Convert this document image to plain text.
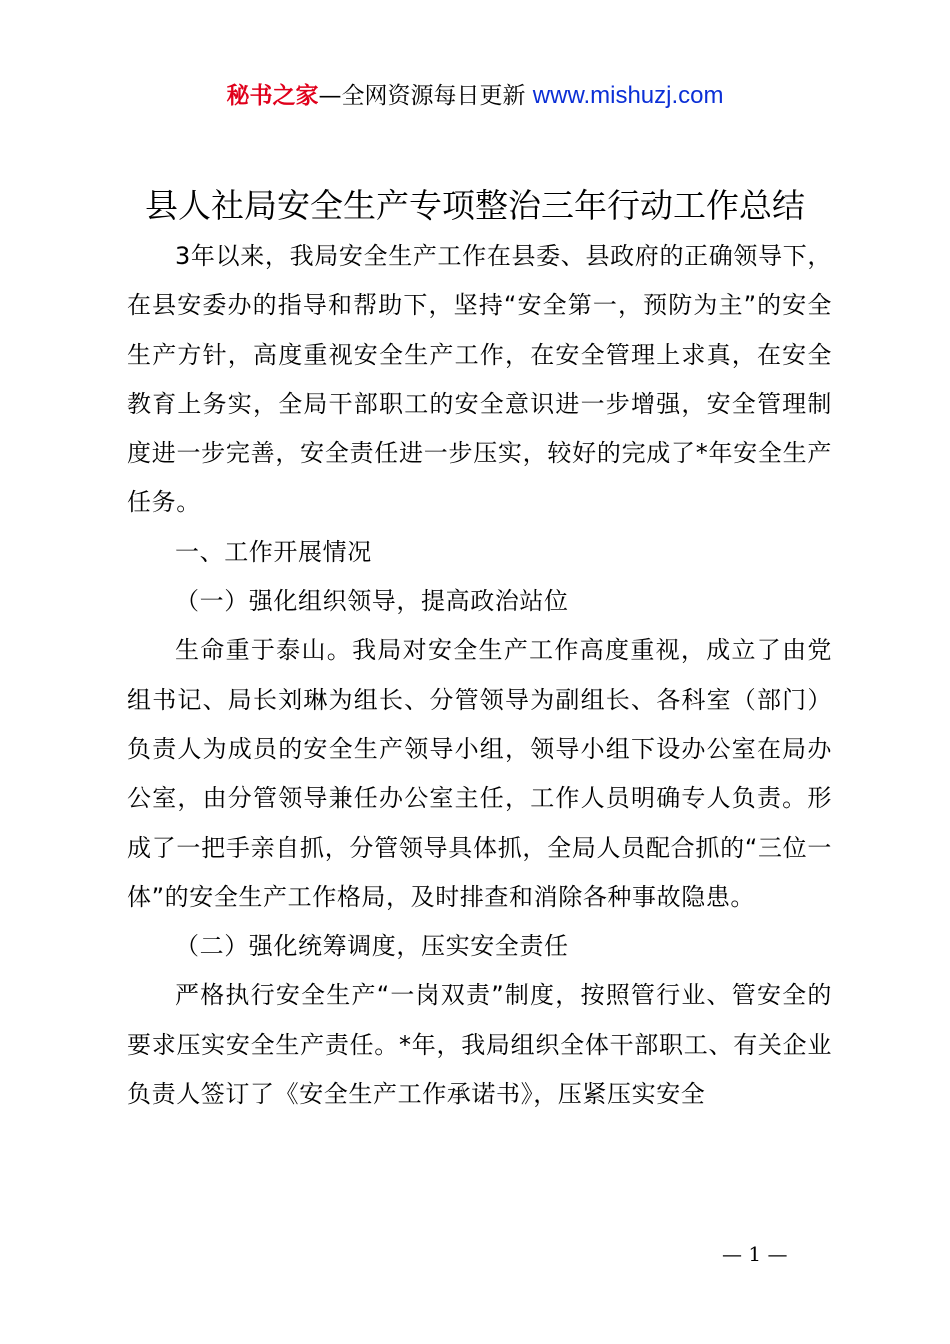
秘书之家—全网资源每日更新 www.mishuzj.com
县人社局安全生产专项整治三年行动工作总结

3年以来，我局安全生产工作在县委、县政府的正确领导下，在县安委办的指导和帮助下，坚持“安全第一，预防为主”的安全生产方针，高度重视安全生产工作，在安全管理上求真，在安全教育上务实，全局干部职工的安全意识进一步增强，安全管理制度进一步完善，安全责任进一步压实，较好的完成了*年安全生产任务。

一、工作开展情况

（一）强化组织领导，提高政治站位

生命重于泰山。我局对安全生产工作高度重视，成立了由党组书记、局长刘琳为组长、分管领导为副组长、各科室（部门）负责人为成员的安全生产领导小组，领导小组下设办公室在局办公室，由分管领导兼任办公室主任，工作人员明确专人负责。形成了一把手亲自抓，分管领导具体抓，全局人员配合抓的“三位一体”的安全生产工作格局，及时排查和消除各种事故隐患。

（二）强化统筹调度，压实安全责任

严格执行安全生产“一岗双责”制度，按照管行业、管安全的要求压实安全生产责任。*年，我局组织全体干部职工、有关企业负责人签订了《安全生产工作承诺书》，压紧压实安全

— 1 —
